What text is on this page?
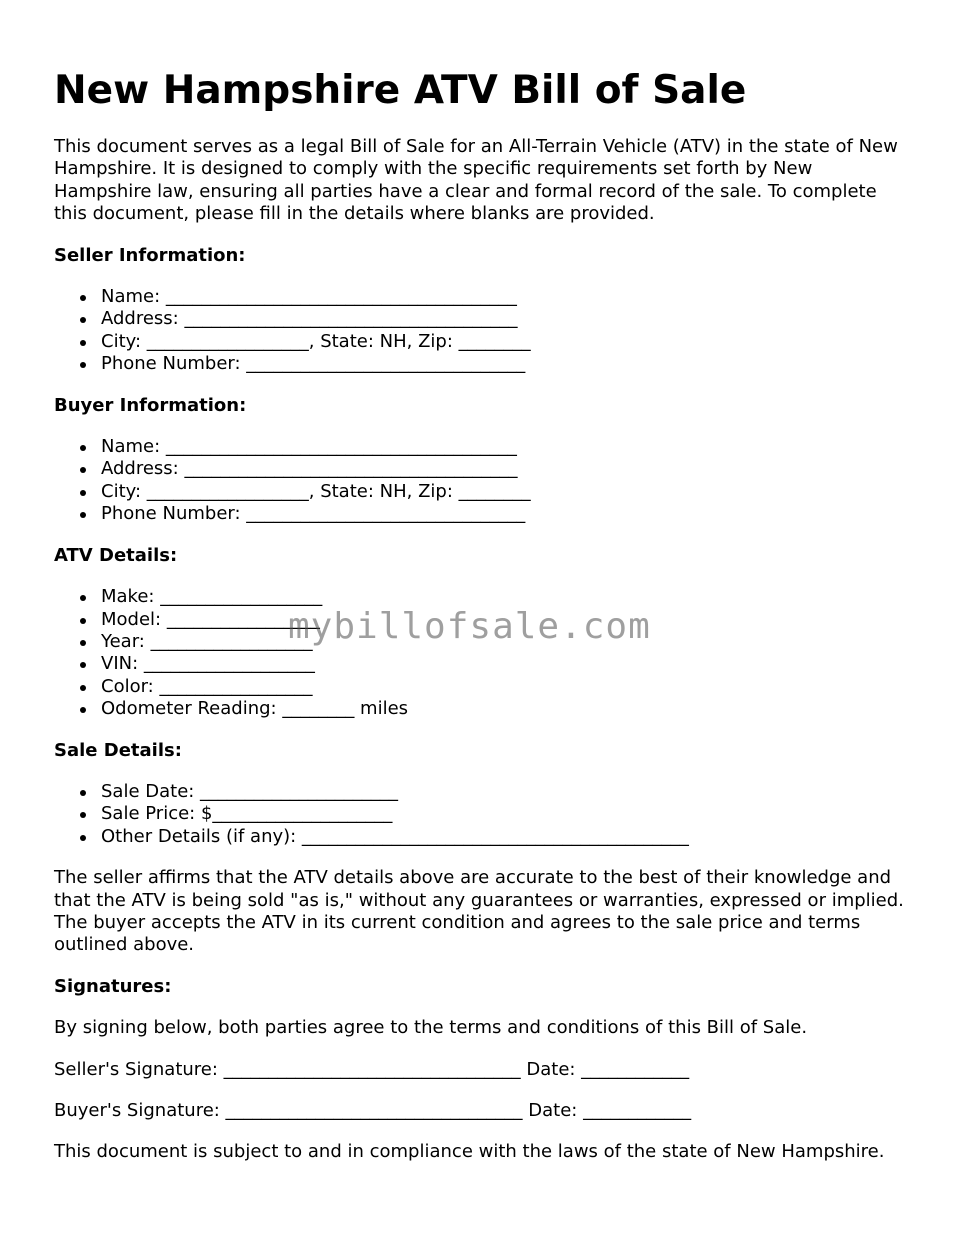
New Hampshire ATV Bill of Sale

This document serves as a legal Bill of Sale for an All-Terrain Vehicle (ATV) in the state of New Hampshire. It is designed to comply with the specific requirements set forth by New Hampshire law, ensuring all parties have a clear and formal record of the sale. To complete this document, please fill in the details where blanks are provided.

Seller Information:
Name: _______________________________________
Address: _____________________________________
City: __________________, State: NH, Zip: ________
Phone Number: _______________________________
Buyer Information:
Name: _______________________________________
Address: _____________________________________
City: __________________, State: NH, Zip: ________
Phone Number: _______________________________
ATV Details:
Make: __________________
Model: _________________
Year: __________________
VIN: ___________________
Color: _________________
Odometer Reading: ________ miles
Sale Details:
Sale Date: ______________________
Sale Price: $____________________
Other Details (if any): ___________________________________________

The seller affirms that the ATV details above are accurate to the best of their knowledge and that the ATV is being sold "as is," without any guarantees or warranties, expressed or implied. The buyer accepts the ATV in its current condition and agrees to the sale price and terms outlined above.

Signatures:

By signing below, both parties agree to the terms and conditions of this Bill of Sale.

Seller's Signature: _________________________________ Date: ____________

Buyer's Signature: _________________________________ Date: ____________

This document is subject to and in compliance with the laws of the state of New Hampshire.

mybillofsale.com
